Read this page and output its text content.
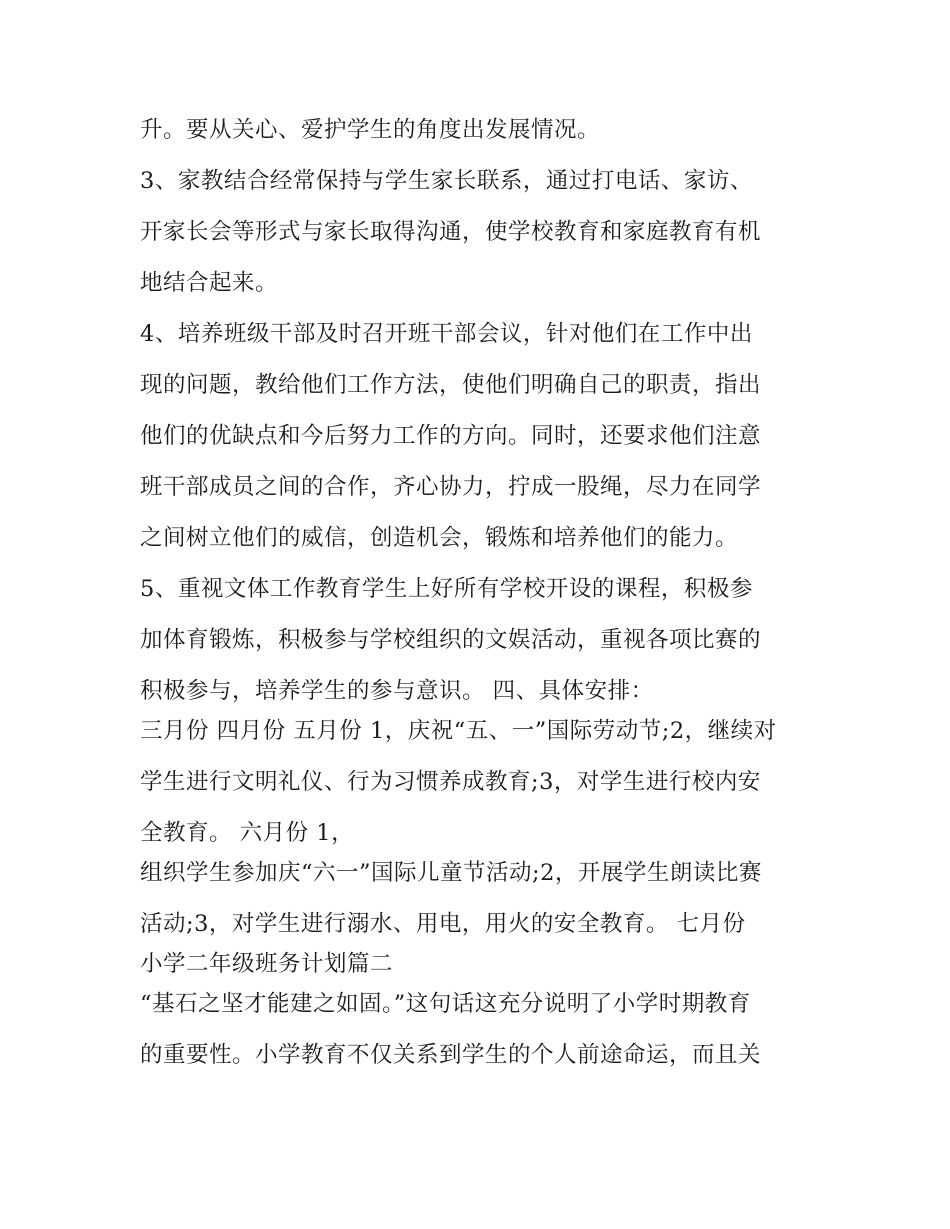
升。要从关心、爱护学生的角度出发展情况。
3、家教结合经常保持与学生家长联系，通过打电话、家访、
开家长会等形式与家长取得沟通，使学校教育和家庭教育有机
地结合起来。
4、培养班级干部及时召开班干部会议，针对他们在工作中出
现的问题，教给他们工作方法，使他们明确自己的职责，指出
他们的优缺点和今后努力工作的方向。同时，还要求他们注意
班干部成员之间的合作，齐心协力，拧成一股绳，尽力在同学
之间树立他们的威信，创造机会，锻炼和培养他们的能力。
5、重视文体工作教育学生上好所有学校开设的课程，积极参
加体育锻炼，积极参与学校组织的文娱活动，重视各项比赛的
积极参与，培养学生的参与意识。 四、具体安排：
三月份 四月份 五月份 1，庆祝“五、一”国际劳动节;2，继续对
学生进行文明礼仪、行为习惯养成教育;3，对学生进行校内安
全教育。 六月份 1，
组织学生参加庆“六一”国际儿童节活动;2，开展学生朗读比赛
活动;3，对学生进行溺水、用电，用火的安全教育。 七月份
小学二年级班务计划篇二
“基石之坚才能建之如固。”这句话这充分说明了小学时期教育
的重要性。小学教育不仅关系到学生的个人前途命运，而且关
